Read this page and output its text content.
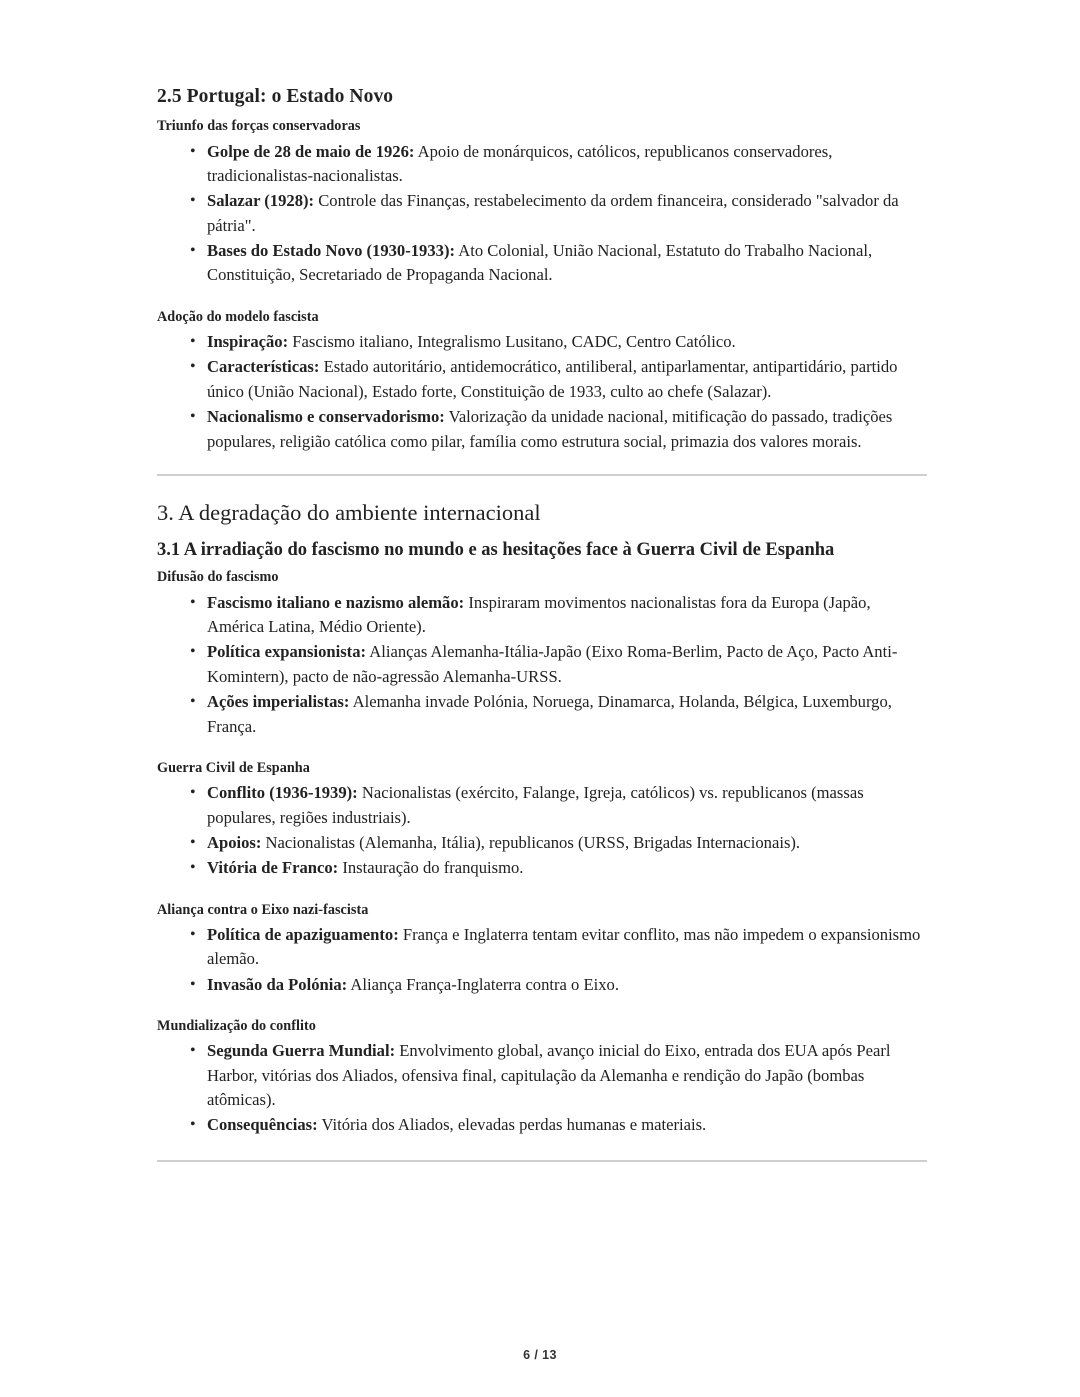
2.5 Portugal: o Estado Novo
Triunfo das forças conservadoras
• Golpe de 28 de maio de 1926: Apoio de monárquicos, católicos, republicanos conservadores, tradicionalistas-nacionalistas.
• Salazar (1928): Controle das Finanças, restabelecimento da ordem financeira, considerado "salvador da pátria".
• Bases do Estado Novo (1930-1933): Ato Colonial, União Nacional, Estatuto do Trabalho Nacional, Constituição, Secretariado de Propaganda Nacional.
Adoção do modelo fascista
• Inspiração: Fascismo italiano, Integralismo Lusitano, CADC, Centro Católico.
• Características: Estado autoritário, antidemocrático, antiliberal, antiparlamentar, antipartidário, partido único (União Nacional), Estado forte, Constituição de 1933, culto ao chefe (Salazar).
• Nacionalismo e conservadorismo: Valorização da unidade nacional, mitificação do passado, tradições populares, religião católica como pilar, família como estrutura social, primazia dos valores morais.
3. A degradação do ambiente internacional
3.1 A irradiação do fascismo no mundo e as hesitações face à Guerra Civil de Espanha
Difusão do fascismo
• Fascismo italiano e nazismo alemão: Inspiraram movimentos nacionalistas fora da Europa (Japão, América Latina, Médio Oriente).
• Política expansionista: Alianças Alemanha-Itália-Japão (Eixo Roma-Berlim, Pacto de Aço, Pacto Anti-Komintern), pacto de não-agressão Alemanha-URSS.
• Ações imperialistas: Alemanha invade Polónia, Noruega, Dinamarca, Holanda, Bélgica, Luxemburgo, França.
Guerra Civil de Espanha
• Conflito (1936-1939): Nacionalistas (exército, Falange, Igreja, católicos) vs. republicanos (massas populares, regiões industriais).
• Apoios: Nacionalistas (Alemanha, Itália), republicanos (URSS, Brigadas Internacionais).
• Vitória de Franco: Instauração do franquismo.
Aliança contra o Eixo nazi-fascista
• Política de apaziguamento: França e Inglaterra tentam evitar conflito, mas não impedem o expansionismo alemão.
• Invasão da Polónia: Aliança França-Inglaterra contra o Eixo.
Mundialização do conflito
• Segunda Guerra Mundial: Envolvimento global, avanço inicial do Eixo, entrada dos EUA após Pearl Harbor, vitórias dos Aliados, ofensiva final, capitulação da Alemanha e rendição do Japão (bombas atômicas).
• Consequências: Vitória dos Aliados, elevadas perdas humanas e materiais.
6 / 13
